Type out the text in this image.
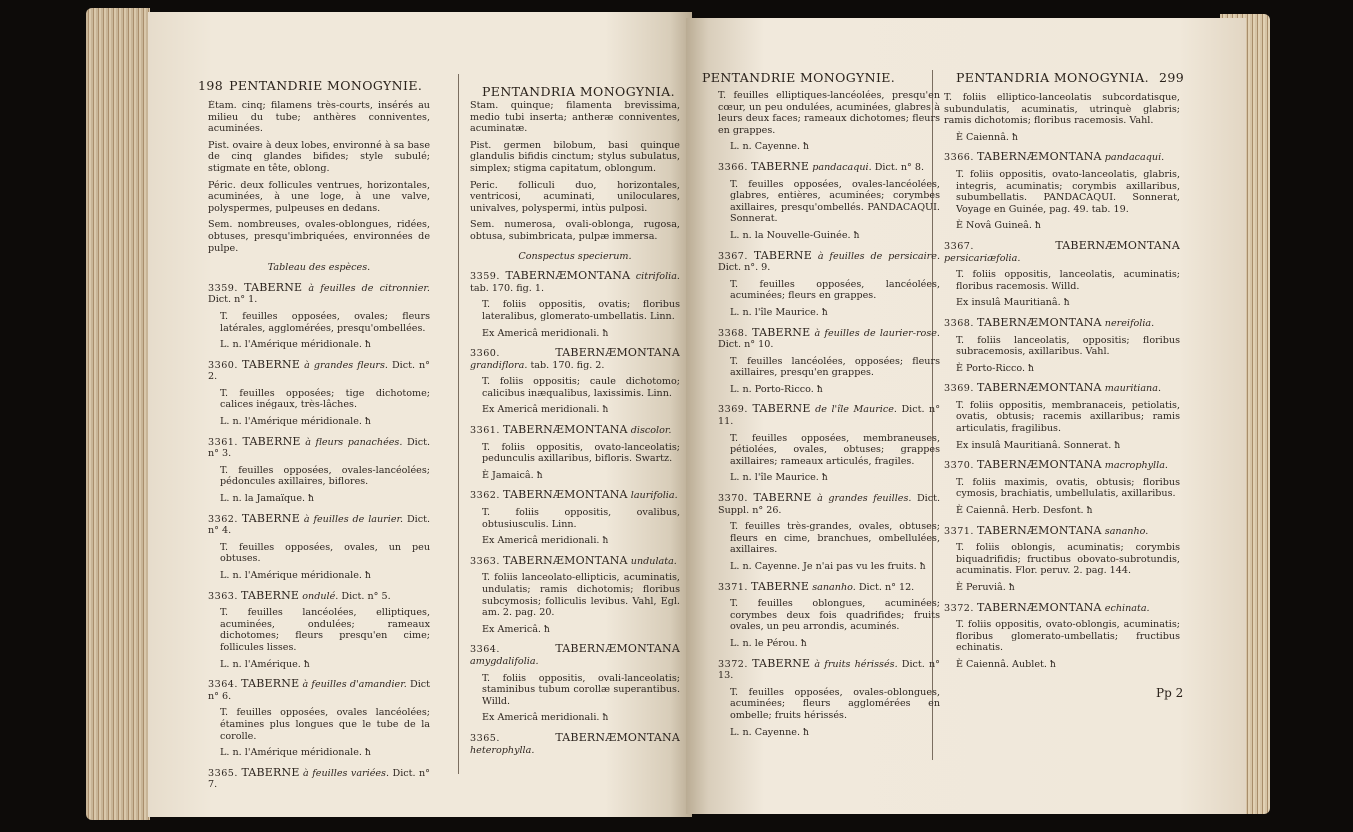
198 PENTANDRIE MONOGYNIE.	PENTANDRIA MONOGYNIA.

Étam. cinq; filamens très-courts, insérés au milieu du tube; anthères conniventes, acuminées.

Pist. ovaire à deux lobes, environné à sa base de cinq glandes bifides; style subulé; stigmate en tête, oblong.

Péric. deux follicules ventrues, horizontales, acuminées, à une loge, à une valve, polyspermes, pulpeuses en dedans.

Sem. nombreuses, ovales-oblongues, ridées, obtuses, presqu'imbriquées, environnées de pulpe.

Tableau des espèces.

3359. TABERNE à feuilles de citronnier. Dict. n° 1.

T. feuilles opposées, ovales; fleurs latérales, agglomérées, presqu'ombellées.

L. n. l'Amérique méridionale. ħ

3360. TABERNE à grandes fleurs. Dict. n° 2.

T. feuilles opposées; tige dichotome; calices inégaux, très-lâches.

L. n. l'Amérique méridionale. ħ

3361. TABERNE à fleurs panachées. Dict. n° 3.

T. feuilles opposées, ovales-lancéolées; pédoncules axillaires, biflores.

L. n. la Jamaïque. ħ

3362. TABERNE à feuilles de laurier. Dict. n° 4.

T. feuilles opposées, ovales, un peu obtuses.

L. n. l'Amérique méridionale. ħ

3363. TABERNE ondulé. Dict. n° 5.

T. feuilles lancéolées, elliptiques, acuminées, ondulées; rameaux dichotomes; fleurs presqu'en cime; follicules lisses.

L. n. l'Amérique. ħ

3364. TABERNE à feuilles d'amandier. Dict n° 6.

T. feuilles opposées, ovales lancéolées; étamines plus longues que le tube de la corolle.

L. n. l'Amérique méridionale. ħ

3365. TABERNE à feuilles variées. Dict. n° 7.

Stam. quinque; filamenta brevissima, medio tubi inserta; antheræ conniventes, acuminatæ.

Pist. germen bilobum, basi quinque glandulis bifidis cinctum; stylus subulatus, simplex; stigma capitatum, oblongum.

Peric. folliculi duo, horizontales, ventricosi, acuminati, uniloculares, univalves, polyspermi, intùs pulposi.

Sem. numerosa, ovali-oblonga, rugosa, obtusa, subimbricata, pulpæ immersa.

Conspectus specierum.

3359. TABERNÆMONTANA citrifolia. tab. 170. fig. 1.

T. foliis oppositis, ovatis; floribus lateralibus, glomerato-umbellatis. Linn.

Ex Americâ meridionali. ħ

3360.	TABERNÆMONTANA grandiflora. tab. 170. fig. 2.

T. foliis oppositis; caule dichotomo; calicibus inæqualibus, laxissimis. Linn.

Ex Americâ meridionali. ħ

3361. TABERNÆMONTANA discolor.

T. foliis oppositis, ovato-lanceolatis; pedunculis axillaribus, bifloris. Swartz.

È Jamaicâ. ħ

3362. TABERNÆMONTANA laurifolia.

T. foliis oppositis, ovalibus, obtusiusculis. Linn.

Ex Americâ meridionali. ħ

3363. TABERNÆMONTANA undulata.

T. foliis lanceolato-ellipticis, acuminatis, undulatis; ramis dichotomis; floribus subcymosis; folliculis levibus. Vahl, Egl. am. 2. pag. 20.

Ex Americâ. ħ

3364.	TABERNÆMONTANA amygdalifolia.

T. foliis oppositis, ovali-lanceolatis; staminibus tubum corollæ superantibus. Willd.

Ex Americâ meridionali. ħ

3365.	TABERNÆMONTANA heterophylla.

PENTANDRIE MONOGYNIE.	PENTANDRIA MONOGYNIA. 299

T. feuilles elliptiques-lancéolées, presqu'en cœur, un peu ondulées, acuminées, glabres à leurs deux faces; rameaux dichotomes; fleurs en grappes.

L. n. Cayenne. ħ

3366. TABERNE pandacaqui. Dict. n° 8.

T. feuilles opposées, ovales-lancéolées, glabres, entières, acuminées; corymbes axillaires, presqu'ombellés. PANDACAQUI. Sonnerat.

L. n. la Nouvelle-Guinée. ħ

3367. TABERNE à feuilles de persicaire. Dict. n°. 9.

T. feuilles opposées, lancéolées, acuminées; fleurs en grappes.

L. n. l'île Maurice. ħ

3368. TABERNE à feuilles de laurier-rose. Dict. n° 10.

T. feuilles lancéolées, opposées; fleurs axillaires, presqu'en grappes.

L. n. Porto-Ricco. ħ

3369. TABERNE de l'île Maurice. Dict. n° 11.

T. feuilles opposées, membraneuses, pétiolées, ovales, obtuses; grappes axillaires; rameaux articulés, fragiles.

L. n. l'île Maurice. ħ

3370. TABERNE à grandes feuilles. Dict. Suppl. n° 26.

T. feuilles très-grandes, ovales, obtuses; fleurs en cime, branchues, ombellulées, axillaires.

L. n. Cayenne. Je n'ai pas vu les fruits. ħ

3371. TABERNE sananho. Dict. n° 12.

T. feuilles oblongues, acuminées; corymbes deux fois quadrifides; fruits ovales, un peu arrondis, acuminés.

L. n. le Pérou. ħ

3372. TABERNE à fruits hérissés. Dict. n° 13.

T. feuilles opposées, ovales-oblongues, acuminées; fleurs agglomérées en ombelle; fruits hérissés.

L. n. Cayenne. ħ

T. foliis elliptico-lanceolatis subcordatisque, subundulatis, acuminatis, utrinquè glabris; ramis dichotomis; floribus racemosis. Vahl.

È Caiennâ. ħ

3366. TABERNÆMONTANA pandacaqui.

T. foliis oppositis, ovato-lanceolatis, glabris, integris, acuminatis; corymbis axillaribus, subumbellatis. PANDACAQUI. Sonnerat, Voyage en Guinée, pag. 49. tab. 19.

È Novâ Guineâ. ħ

3367.	TABERNÆMONTANA persicariæfolia.

T. foliis oppositis, lanceolatis, acuminatis; floribus racemosis. Willd.

Ex insulâ Mauritianâ. ħ

3368. TABERNÆMONTANA nereifolia.

T. foliis lanceolatis, oppositis; floribus subracemosis, axillaribus. Vahl.

È Porto-Ricco. ħ

3369. TABERNÆMONTANA mauritiana.

T. foliis oppositis, membranaceis, petiolatis, ovatis, obtusis; racemis axillaribus; ramis articulatis, fragilibus.

Ex insulâ Mauritianâ. Sonnerat. ħ

3370. TABERNÆMONTANA macrophylla.

T. foliis maximis, ovatis, obtusis; floribus cymosis, brachiatis, umbellulatis, axillaribus.

È Caiennâ. Herb. Desfont. ħ

3371. TABERNÆMONTANA sananho.

T. foliis oblongis, acuminatis; corymbis biquadrifidis; fructibus obovato-subrotundis, acuminatis. Flor. peruv. 2. pag. 144.

È Peruviâ. ħ

3372. TABERNÆMONTANA echinata.

T. foliis oppositis, ovato-oblongis, acuminatis; floribus glomerato-umbellatis; fructibus echinatis.

È Caiennâ. Aublet. ħ

Pp 2
